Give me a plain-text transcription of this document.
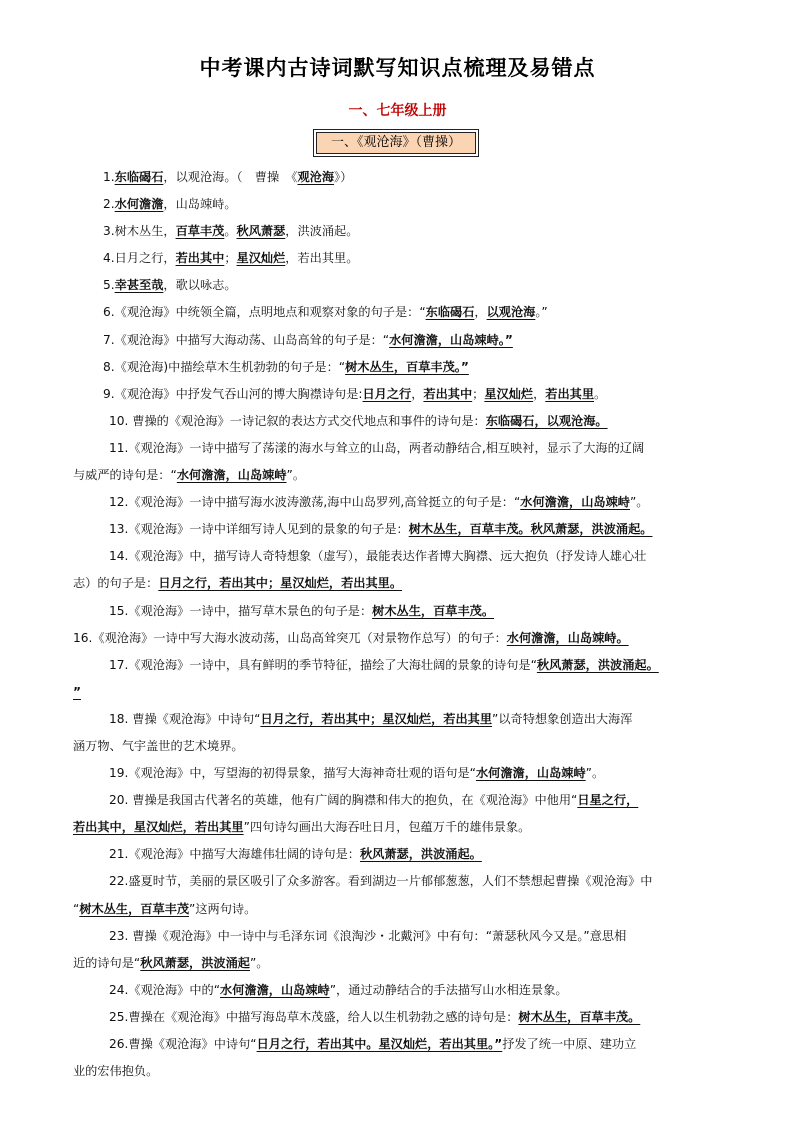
中考课内古诗词默写知识点梳理及易错点
一、七年级上册
一、《观沧海》（曹操）
1.东临碣石，以观沧海。（　曹操　《观沧海》）
2.水何澹澹，山岛竦峙。
3.树木丛生，百草丰茂。秋风萧瑟，洪波涌起。
4.日月之行，若出其中；星汉灿烂，若出其里。
5.幸甚至哉，歌以咏志。
6.《观沧海》中统领全篇，点明地点和观察对象的句子是：“东临碣石，以观沧海。”
7.《观沧海》中描写大海动荡、山岛高耸的句子是：“水何澹澹，山岛竦峙。”
8.《观沧海)中描绘草木生机勃勃的句子是：“树木丛生，百草丰茂。”
9.《观沧海》中抒发气吞山河的博大胸襟诗句是:日月之行，若出其中；星汉灿烂，若出其里。
10. 曹操的《观沧海》一诗记叙的表达方式交代地点和事件的诗句是：东临碣石，以观沧海。
11.《观沧海》一诗中描写了荡漾的海水与耸立的山岛，两者动静结合,相互映衬，显示了大海的辽阔
与威严的诗句是：“水何澹澹，山岛竦峙”。
12.《观沧海》一诗中描写海水波涛激荡,海中山岛罗列,高耸挺立的句子是：“水何澹澹，山岛竦峙”。
13.《观沧海》一诗中详细写诗人见到的景象的句子是：树木丛生，百草丰茂。秋风萧瑟，洪波涌起。
14.《观沧海》中，描写诗人奇特想象（虚写），最能表达作者博大胸襟、远大抱负（抒发诗人雄心壮
志）的句子是：日月之行，若出其中；星汉灿烂，若出其里。
15.《观沧海》一诗中，描写草木景色的句子是：树木丛生，百草丰茂。
16.《观沧海》一诗中写大海水波动荡，山岛高耸突兀（对景物作总写）的句子：水何澹澹，山岛竦峙。
17.《观沧海》一诗中，具有鲜明的季节特征，描绘了大海壮阔的景象的诗句是“秋风萧瑟，洪波涌起。
”
18. 曹操《观沧海》中诗句“日月之行，若出其中；星汉灿烂，若出其里”以奇特想象创造出大海浑
涵万物、气宇盖世的艺术境界。
19.《观沧海》中，写望海的初得景象，描写大海神奇壮观的语句是“水何澹澹，山岛竦峙”。
20. 曹操是我国古代著名的英雄，他有广阔的胸襟和伟大的抱负，在《观沧海》中他用“日星之行，
若出其中，星汉灿烂，若出其里”四句诗勾画出大海吞吐日月，包蕴万千的雄伟景象。
21.《观沧海》中描写大海雄伟壮阔的诗句是：秋风萧瑟，洪波涌起。
22.盛夏时节，美丽的景区吸引了众多游客。看到湖边一片郁郁葱葱，人们不禁想起曹操《观沧海》中
“树木丛生，百草丰茂”这两句诗。
23. 曹操《观沧海》中一诗中与毛泽东词《浪淘沙・北戴河》中有句：“萧瑟秋风今又是。”意思相
近的诗句是“秋风萧瑟，洪波涌起”。
24.《观沧海》中的“水何澹澹，山岛竦峙”，通过动静结合的手法描写山水相连景象。
25.曹操在《观沧海》中描写海岛草木茂盛，给人以生机勃勃之感的诗句是：树木丛生，百草丰茂。
26.曹操《观沧海》中诗句“日月之行，若出其中。星汉灿烂，若出其里。”抒发了统一中原、建功立
业的宏伟抱负。
